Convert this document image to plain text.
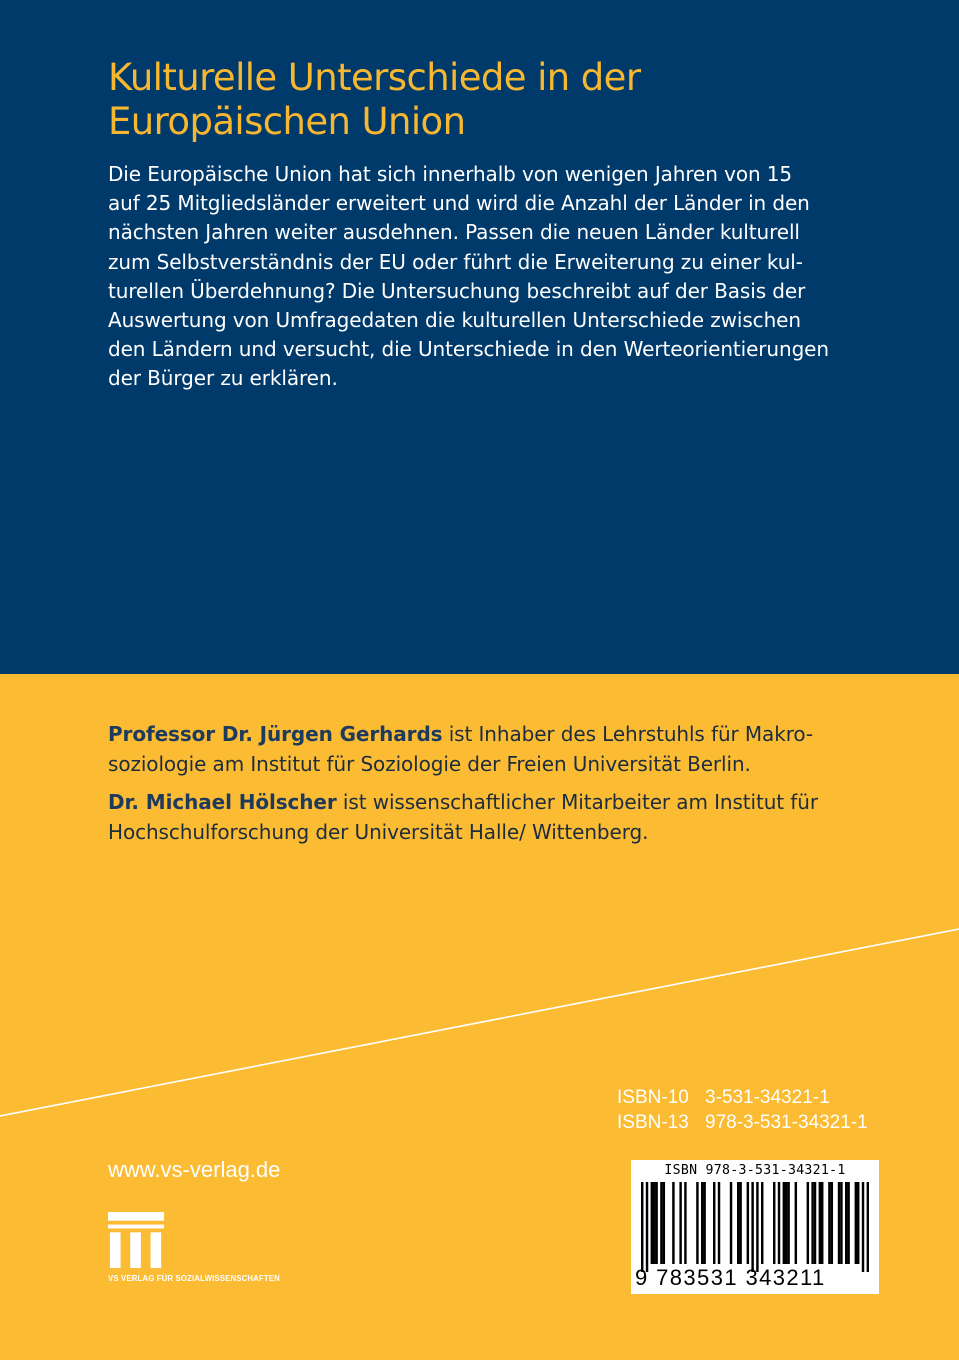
Kulturelle Unterschiede in der
Europäischen Union
Die Europäische Union hat sich innerhalb von wenigen Jahren von 15
auf 25 Mitgliedsländer erweitert und wird die Anzahl der Länder in den
nächsten Jahren weiter ausdehnen. Passen die neuen Länder kulturell
zum Selbstverständnis der EU oder führt die Erweiterung zu einer kul-
turellen Überdehnung? Die Untersuchung beschreibt auf der Basis der
Auswertung von Umfragedaten die kulturellen Unterschiede zwischen
den Ländern und versucht, die Unterschiede in den Werteorientierungen
der Bürger zu erklären.
Professor Dr. Jürgen Gerhards ist Inhaber des Lehrstuhls für Makro-
soziologie am Institut für Soziologie der Freien Universität Berlin.
Dr. Michael Hölscher ist wissenschaftlicher Mitarbeiter am Institut für
Hochschulforschung der Universität Halle/ Wittenberg.
ISBN-10 3-531-34321-1
ISBN-13 978-3-531-34321-1
www.vs-verlag.de
VS VERLAG FÜR SOZIALWISSENSCHAFTEN
ISBN 978-3-531-34321-1
9 783531 343211
